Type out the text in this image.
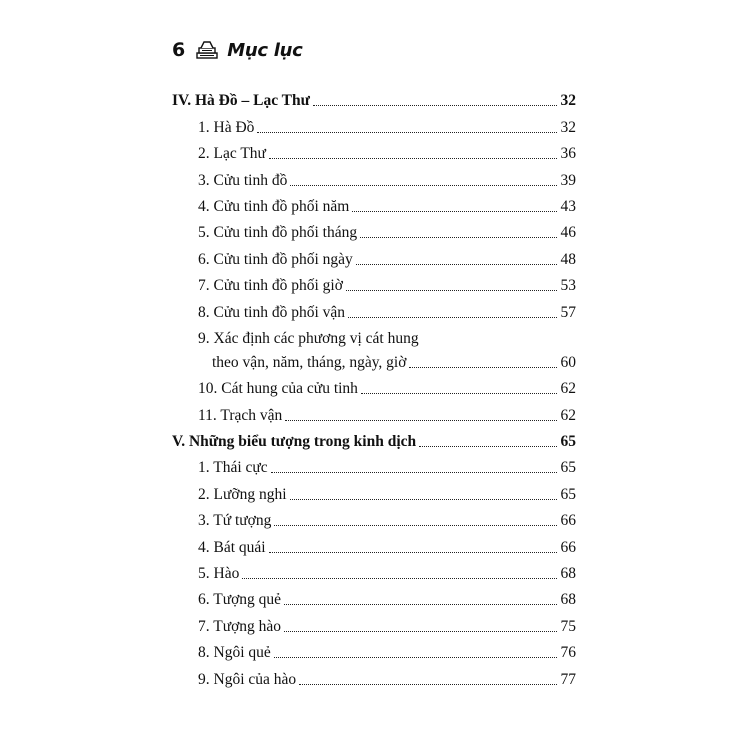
6 Mục lục
IV. Hà Đồ – Lạc Thư	32
1. Hà Đồ	32
2. Lạc Thư	36
3. Cửu tinh đồ	39
4. Cửu tinh đồ phối năm	43
5. Cửu tinh đồ phối tháng	46
6. Cửu tinh đồ phối ngày	48
7. Cửu tinh đồ phối giờ	53
8. Cửu tinh đồ phối vận	57
9. Xác định các phương vị cát hung
theo vận, năm, tháng, ngày, giờ	60
10. Cát hung của cửu tinh	62
11. Trạch vận	62
V. Những biểu tượng trong kinh dịch	65
1. Thái cực	65
2. Lưỡng nghi	65
3. Tứ tượng	66
4. Bát quái	66
5. Hào	68
6. Tượng quẻ	68
7. Tượng hào	75
8. Ngôi quẻ	76
9. Ngôi của hào	77
